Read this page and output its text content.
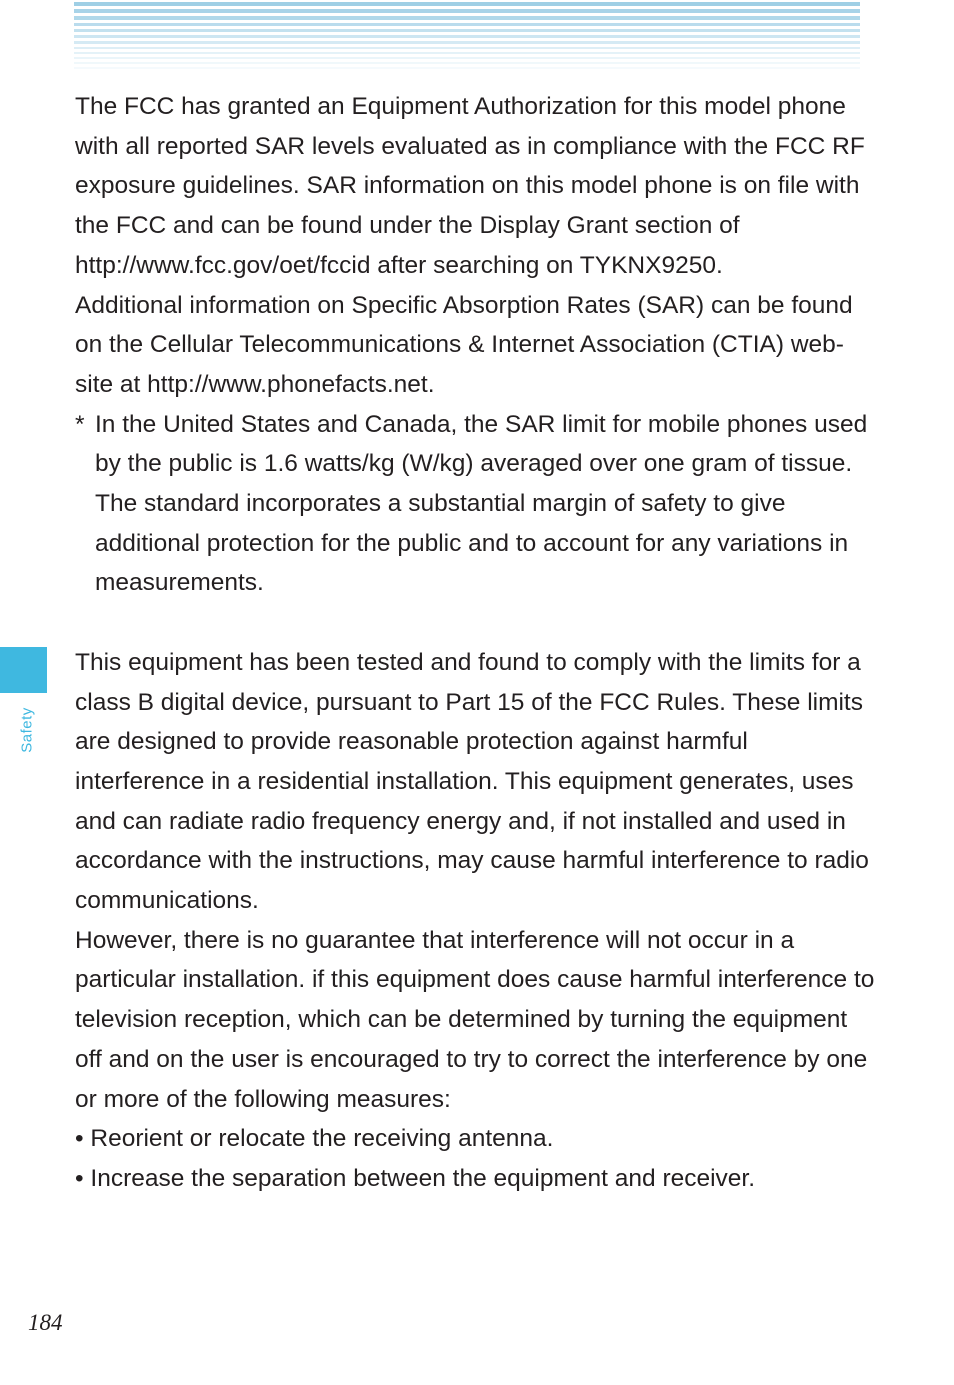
Safety

The FCC has granted an Equipment Authorization for this model phone with all reported SAR levels evaluated as in compliance with the FCC RF exposure guidelines. SAR information on this model phone is on file with the FCC and can be found under the Display Grant section of http://www.fcc.gov/oet/fccid after searching on TYKNX9250.

Additional information on Specific Absorption Rates (SAR) can be found on the Cellular Telecommunications & Internet Association (CTIA) web-site at http://www.phonefacts.net.

* In the United States and Canada, the SAR limit for mobile phones used by the public is 1.6 watts/kg (W/kg) averaged over one gram of tissue. The standard incorporates a substantial margin of safety to give additional protection for the public and to account for any variations in measurements.

This equipment has been tested and found to comply with the limits for a class B digital device, pursuant to Part 15 of the FCC Rules. These limits are designed to provide reasonable protection against harmful interference in a residential installation. This equipment generates, uses and can radiate radio frequency energy and, if not installed and used in accordance with the instructions, may cause harmful interference to radio communications.

However, there is no guarantee that interference will not occur in a particular installation. if this equipment does cause harmful interference to television reception, which can be determined by turning the equipment off and on the user is encouraged to try to correct the interference by one or more of the following measures:

• Reorient or relocate the receiving antenna.

• Increase the separation between the equipment and receiver.

184
